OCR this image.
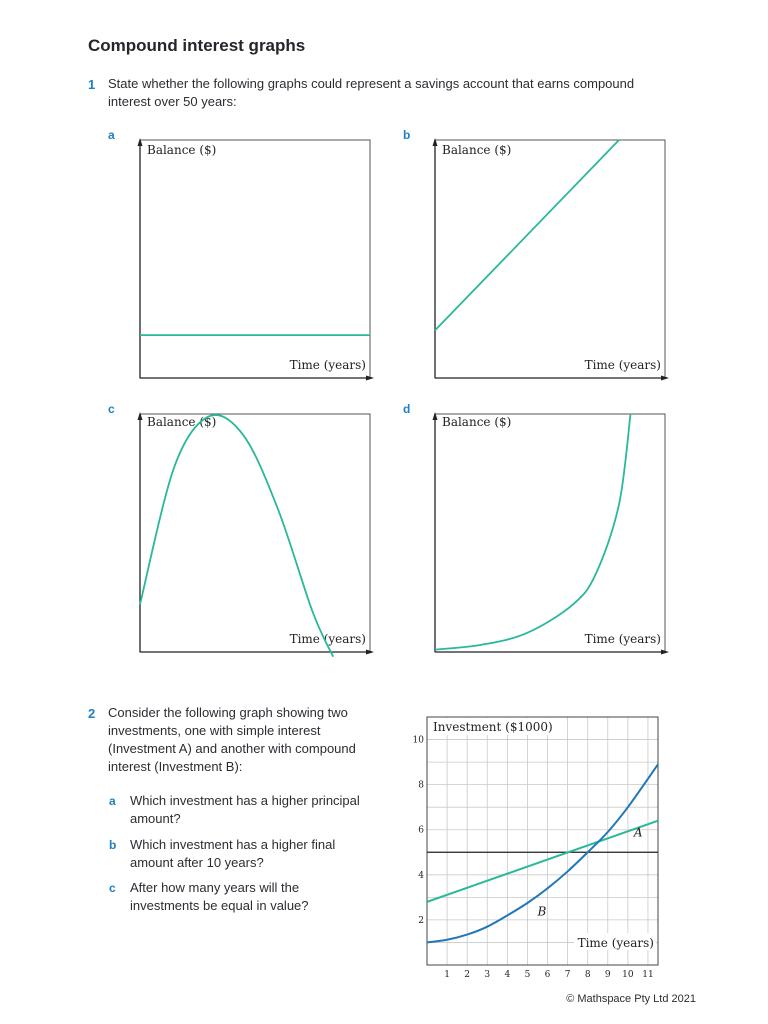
Compound interest graphs
1 State whether the following graphs could represent a savings account that earns compound
interest over 50 years:
a	b
c	d
Balance ($)
Time (years)
Balance ($)
Time (years)
Balance ($)
Time (years)
Balance ($)
Time (years)
2 Consider the following graph showing two
investments, one with simple interest
(Investment A) and another with compound
interest (Investment B):
a Which investment has a higher principal
amount?
b Which investment has a higher final
amount after 10 years?
c After how many years will the
investments be equal in value?
Investment ($1000)
Time (years)
1 2 3 4 5 6 7 8 9 10 11
2
4
6
8
10
A
B
© Mathspace Pty Ltd 2021
